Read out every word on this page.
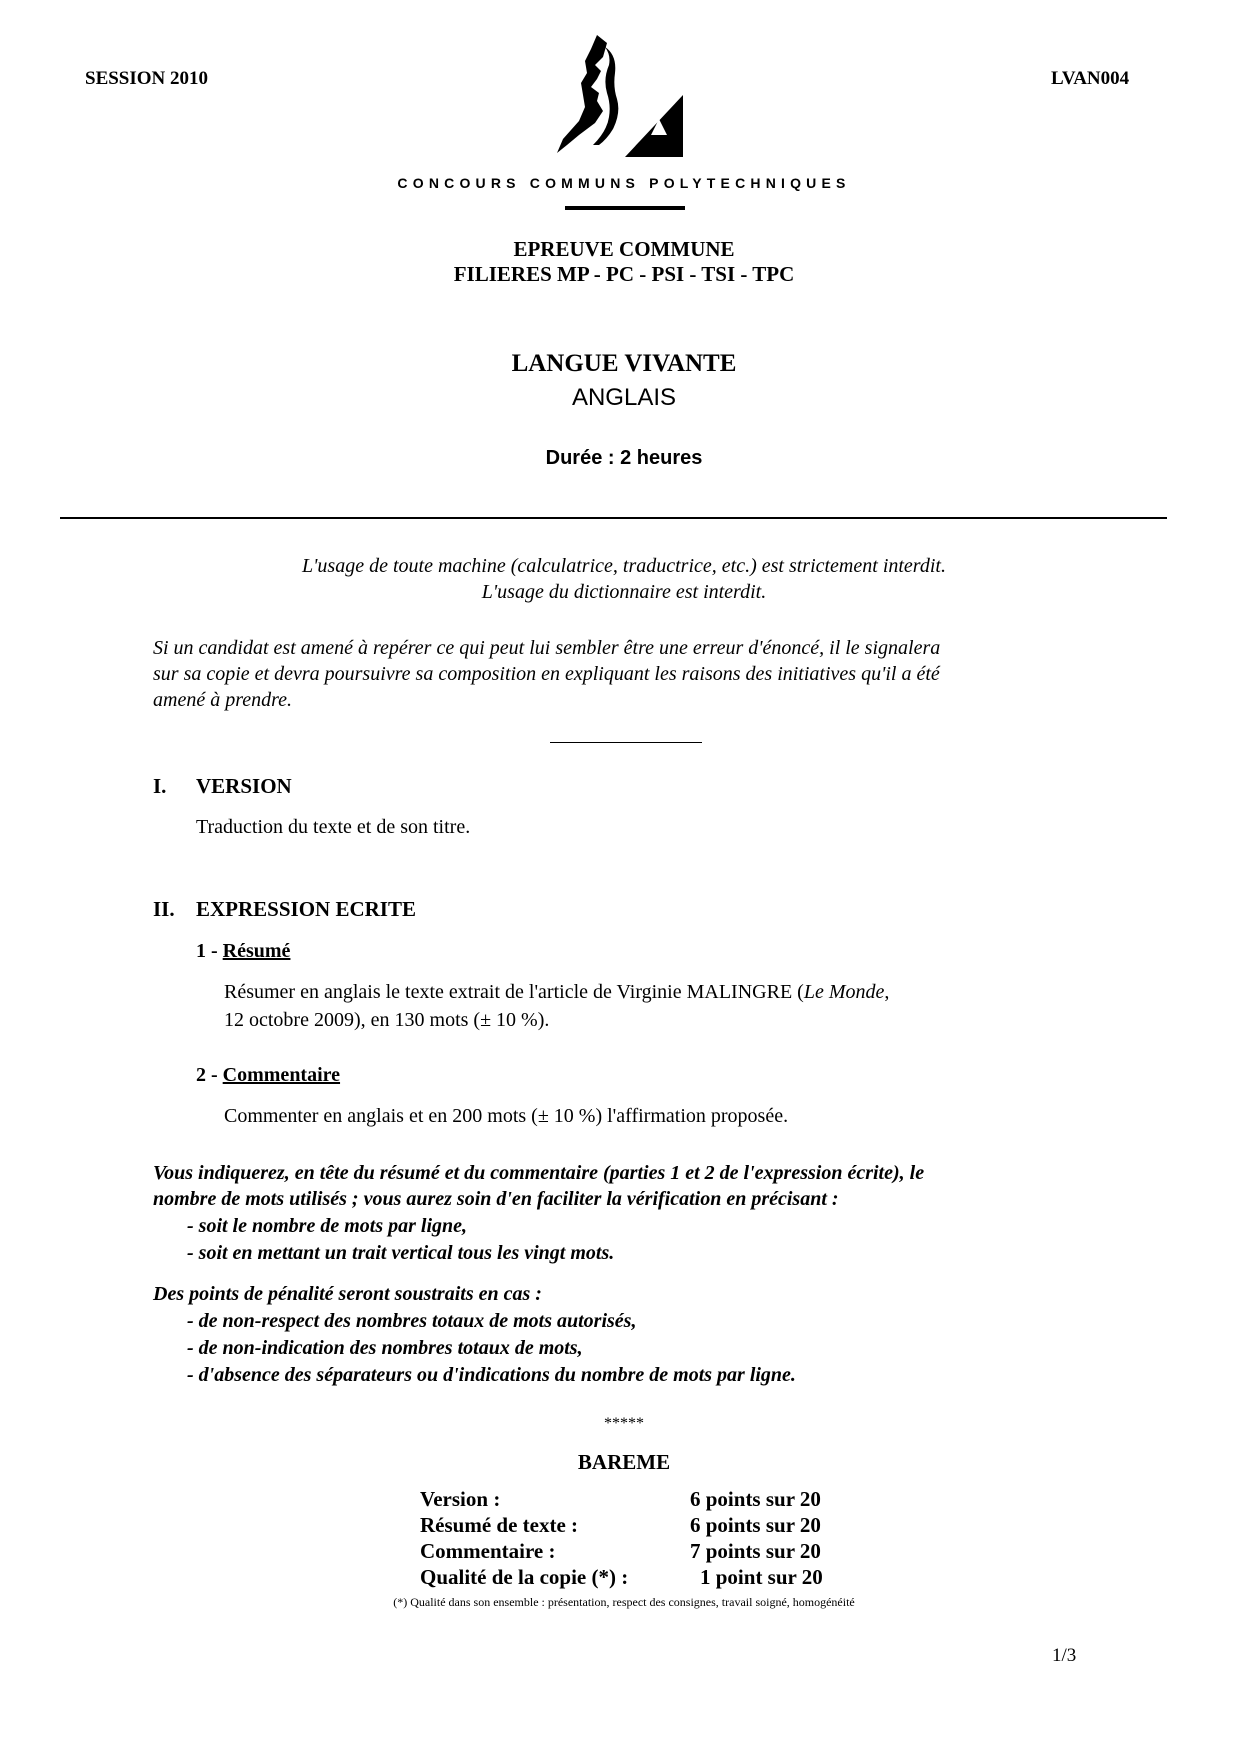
SESSION 2010	LVAN004
CONCOURS COMMUNS POLYTECHNIQUES
EPREUVE COMMUNE
FILIERES MP - PC - PSI - TSI - TPC
LANGUE VIVANTE
ANGLAIS
Durée : 2 heures
L'usage de toute machine (calculatrice, traductrice, etc.) est strictement interdit.
L'usage du dictionnaire est interdit.
Si un candidat est amené à repérer ce qui peut lui sembler être une erreur d'énoncé, il le signalera
sur sa copie et devra poursuivre sa composition en expliquant les raisons des initiatives qu'il a été
amené à prendre.
I. VERSION
Traduction du texte et de son titre.
II. EXPRESSION ECRITE
1 - Résumé
Résumer en anglais le texte extrait de l'article de Virginie MALINGRE (Le Monde,
12 octobre 2009), en 130 mots (± 10 %).
2 - Commentaire
Commenter en anglais et en 200 mots (± 10 %) l'affirmation proposée.
Vous indiquerez, en tête du résumé et du commentaire (parties 1 et 2 de l'expression écrite), le
nombre de mots utilisés ; vous aurez soin d'en faciliter la vérification en précisant :
- soit le nombre de mots par ligne,
- soit en mettant un trait vertical tous les vingt mots.
Des points de pénalité seront soustraits en cas :
- de non-respect des nombres totaux de mots autorisés,
- de non-indication des nombres totaux de mots,
- d'absence des séparateurs ou d'indications du nombre de mots par ligne.
*****
BAREME
Version :	6 points sur 20
Résumé de texte :	6 points sur 20
Commentaire :	7 points sur 20
Qualité de la copie (*) :	1 point sur 20
(*) Qualité dans son ensemble : présentation, respect des consignes, travail soigné, homogénéité
1/3
